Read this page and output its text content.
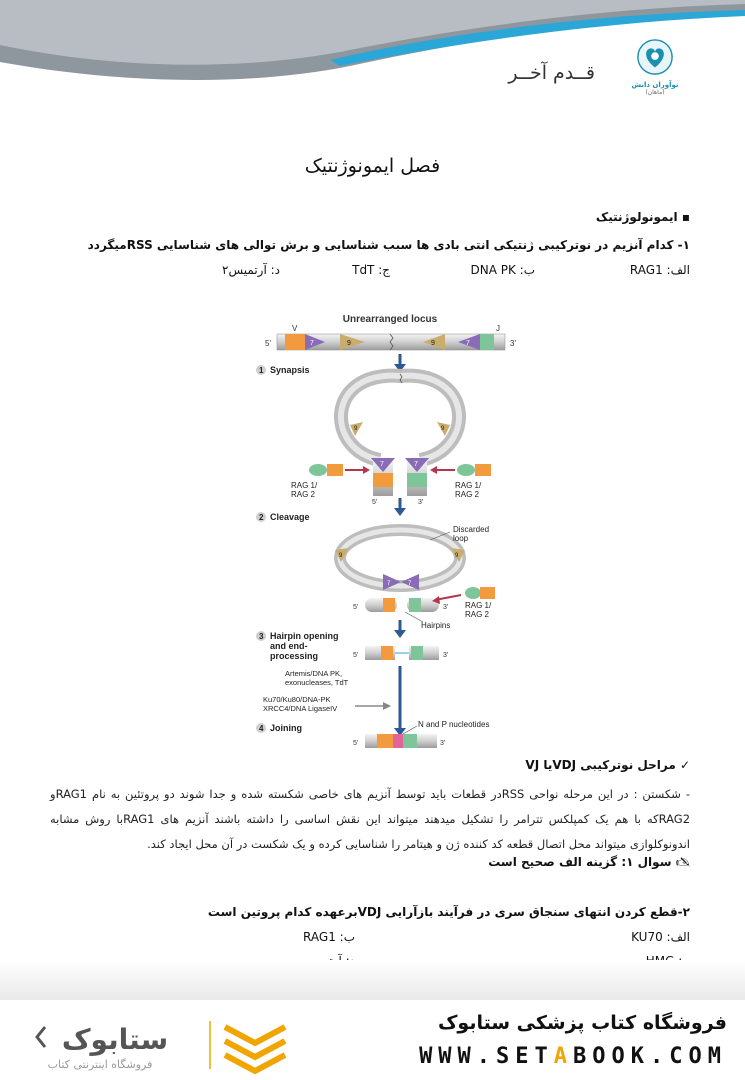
نوآوران دانش
(ماهان)
قــدم آخــر
فصل ایمونوژنتیک
▪ ایمونولوژنتیک
۱- کدام آنزیم در نوترکیبی ژنتیکی انتی بادی ها سبب شناسایی و برش توالی های شناسایی RSSمیگردد
الف: RAG1
ب: DNA PK
ج: TdT
د: آرتمیس۲
Unrearranged locus
7	9	9	7
V	J
5'	3'
1 Synapsis
9	9
7	7
5'	3'
RAG 1/
RAG 2
RAG 1/
RAG 2
2 Cleavage
9	9
7	7
Discarded
loop
5'	3'
Hairpins
RAG 1/
RAG 2
3 Hairpin opening
and end-
processing	5'	3'
Artemis/DNA PK,
exonucleases, TdT
Ku70/Ku80/DNA-PK
XRCC4/DNA LigaseIV
4 Joining
5'	3'
N and P nucleotides
✓ مراحل نوترکیبی VDJیا VJ
- شکستن : در این مرحله نواحی RSSدر قطعات باید توسط آنزیم های خاصی شکسته شده و جدا شوند دو پروتئین به نام RAG1و RAG2که با هم یک کمپلکس تترامر را تشکیل میدهند میتواند این نقش اساسی را داشته باشند آنزیم های RAG1با روش مشابه اندونوکلوازی میتواند محل اتصال قطعه کد کننده ژن و هیتامر را شناسایی کرده و یک شکست در آن محل ایجاد کند.
🖎 سوال ۱: گزینه الف صحیح است
۲-قطع کردن انتهای سنجاق سری در فرآیند بازآرایی VDJبرعهده کدام پروتین است
الف: KU70
ب: RAG1
ستابوک
فروشگاه اینترنتی کتاب
فروشگاه کتاب پزشکی ستابوک
WWW.SETABOOK.COM
